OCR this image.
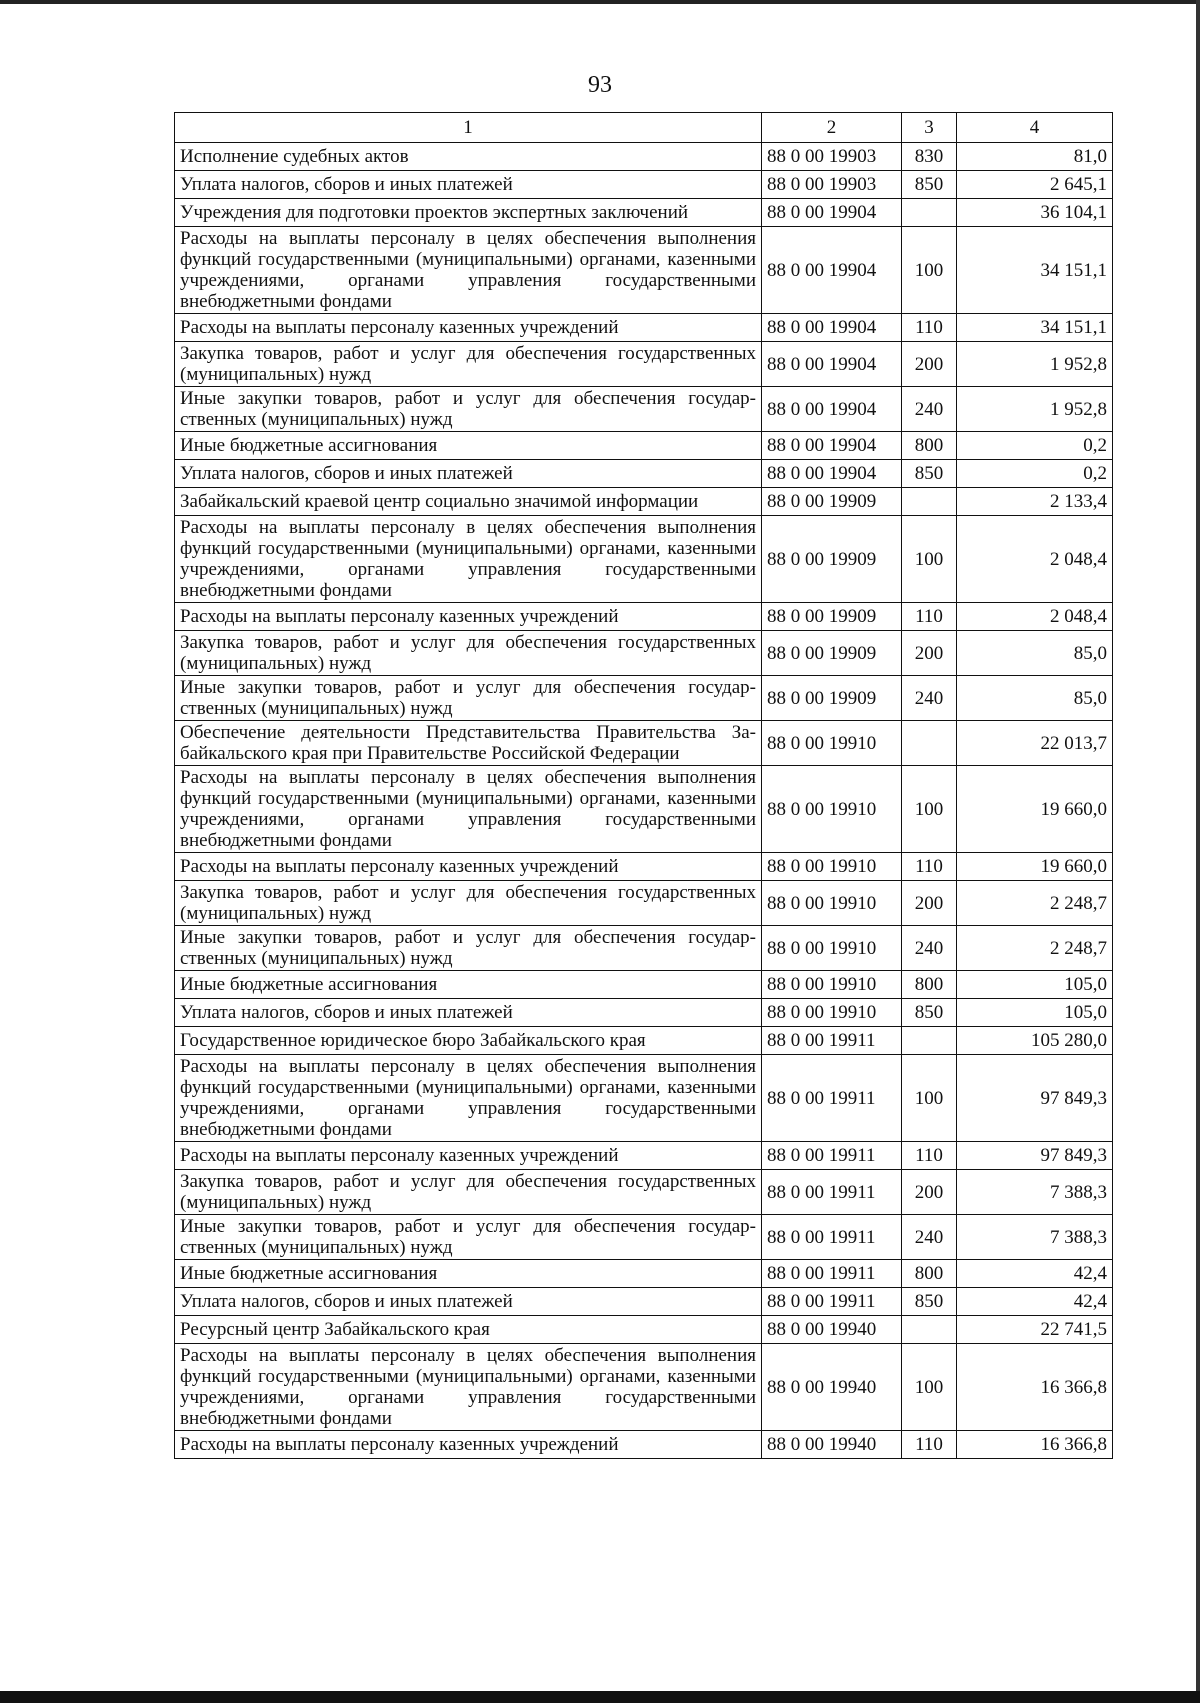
93
1	2	3	4
Исполнение судебных актов	88 0 00 19903	830	81,0
Уплата налогов, сборов и иных платежей	88 0 00 19903	850	2 645,1
Учреждения для подготовки проектов экспертных заключений	88 0 00 19904		36 104,1
Расходы на выплаты персоналу в целях обеспечения выполнения функций государственными (муниципальными) органами, казенными учреждениями, органами управления государственными внебюджетными фондами	88 0 00 19904	100	34 151,1
Расходы на выплаты персоналу казенных учреждений	88 0 00 19904	110	34 151,1
Закупка товаров, работ и услуг для обеспечения государственных (муниципальных) нужд	88 0 00 19904	200	1 952,8
Иные закупки товаров, работ и услуг для обеспечения государственных (муниципальных) нужд	88 0 00 19904	240	1 952,8
Иные бюджетные ассигнования	88 0 00 19904	800	0,2
Уплата налогов, сборов и иных платежей	88 0 00 19904	850	0,2
Забайкальский краевой центр социально значимой информации	88 0 00 19909		2 133,4
Расходы на выплаты персоналу в целях обеспечения выполнения функций государственными (муниципальными) органами, казенными учреждениями, органами управления государственными внебюджетными фондами	88 0 00 19909	100	2 048,4
Расходы на выплаты персоналу казенных учреждений	88 0 00 19909	110	2 048,4
Закупка товаров, работ и услуг для обеспечения государственных (муниципальных) нужд	88 0 00 19909	200	85,0
Иные закупки товаров, работ и услуг для обеспечения государственных (муниципальных) нужд	88 0 00 19909	240	85,0
Обеспечение деятельности Представительства Правительства Забайкальского края при Правительстве Российской Федерации	88 0 00 19910		22 013,7
Расходы на выплаты персоналу в целях обеспечения выполнения функций государственными (муниципальными) органами, казенными учреждениями, органами управления государственными внебюджетными фондами	88 0 00 19910	100	19 660,0
Расходы на выплаты персоналу казенных учреждений	88 0 00 19910	110	19 660,0
Закупка товаров, работ и услуг для обеспечения государственных (муниципальных) нужд	88 0 00 19910	200	2 248,7
Иные закупки товаров, работ и услуг для обеспечения государственных (муниципальных) нужд	88 0 00 19910	240	2 248,7
Иные бюджетные ассигнования	88 0 00 19910	800	105,0
Уплата налогов, сборов и иных платежей	88 0 00 19910	850	105,0
Государственное юридическое бюро Забайкальского края	88 0 00 19911		105 280,0
Расходы на выплаты персоналу в целях обеспечения выполнения функций государственными (муниципальными) органами, казенными учреждениями, органами управления государственными внебюджетными фондами	88 0 00 19911	100	97 849,3
Расходы на выплаты персоналу казенных учреждений	88 0 00 19911	110	97 849,3
Закупка товаров, работ и услуг для обеспечения государственных (муниципальных) нужд	88 0 00 19911	200	7 388,3
Иные закупки товаров, работ и услуг для обеспечения государственных (муниципальных) нужд	88 0 00 19911	240	7 388,3
Иные бюджетные ассигнования	88 0 00 19911	800	42,4
Уплата налогов, сборов и иных платежей	88 0 00 19911	850	42,4
Ресурсный центр Забайкальского края	88 0 00 19940		22 741,5
Расходы на выплаты персоналу в целях обеспечения выполнения функций государственными (муниципальными) органами, казенными учреждениями, органами управления государственными внебюджетными фондами	88 0 00 19940	100	16 366,8
Расходы на выплаты персоналу казенных учреждений	88 0 00 19940	110	16 366,8
